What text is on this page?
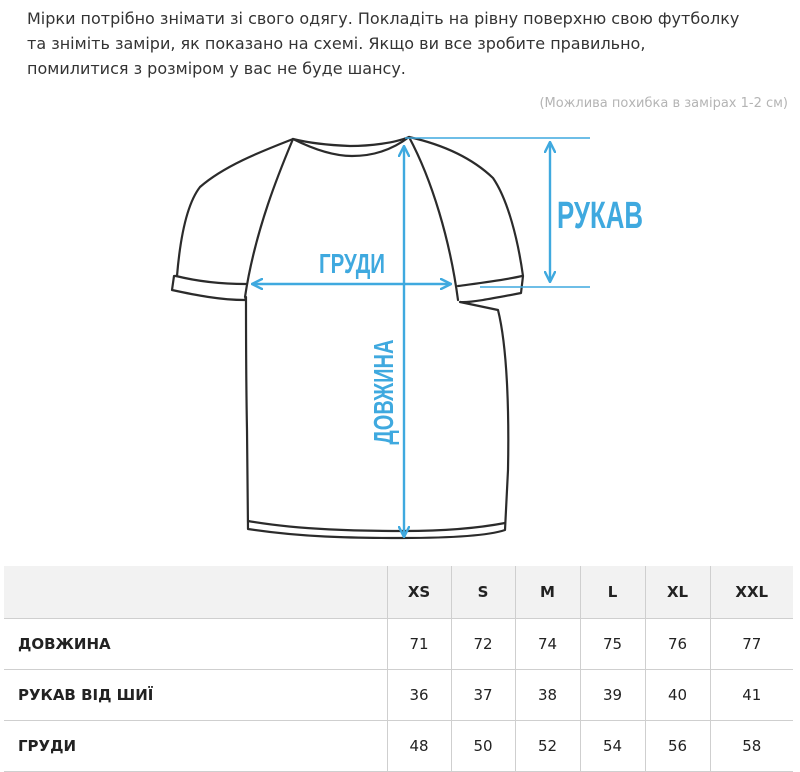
Мірки потрібно знімати зі свого одягу. Покладіть на рівну поверхню свою футболку
та зніміть заміри, як показано на схемі. Якщо ви все зробите правильно,
помилитися з розміром у вас не буде шансу.
(Можлива похибка в замірах 1-2 см)
РУКАВ
ГРУДИ
ДОВЖИНА
	XS	S	M	L	XL	XXL
ДОВЖИНА	71	72	74	75	76	77
РУКАВ ВІД ШИЇ	36	37	38	39	40	41
ГРУДИ	48	50	52	54	56	58
